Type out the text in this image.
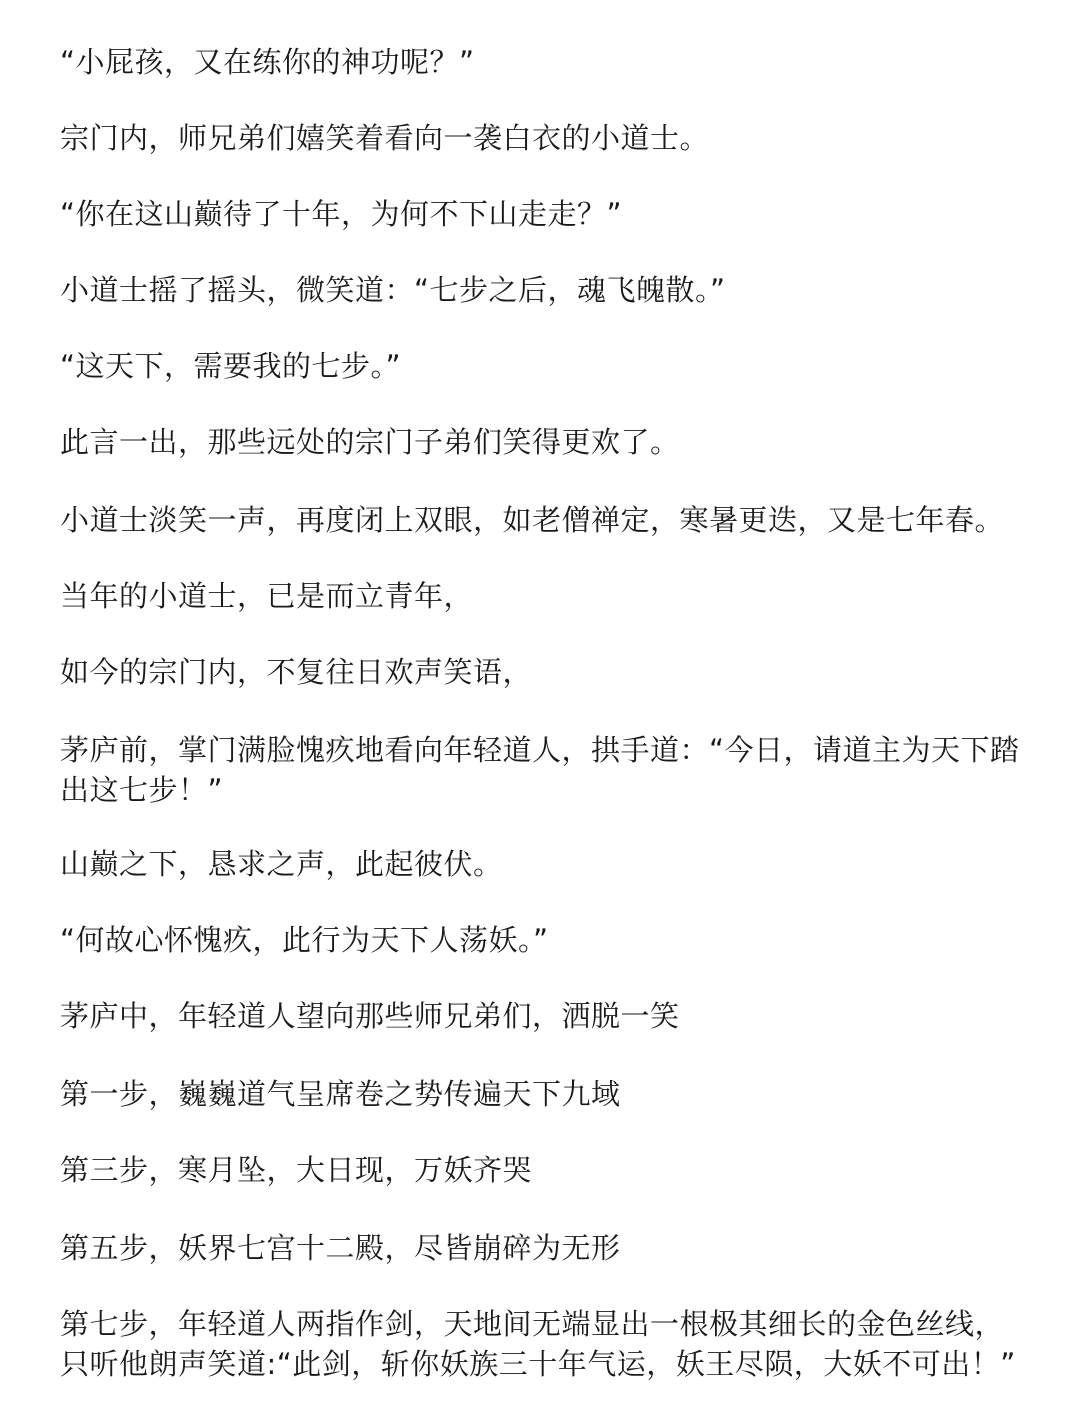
“小屁孩，又在练你的神功呢？”

宗门内，师兄弟们嬉笑着看向一袭白衣的小道士。

“你在这山巅待了十年，为何不下山走走？”

小道士摇了摇头，微笑道：“七步之后，魂飞魄散。”

“这天下，需要我的七步。”

此言一出，那些远处的宗门子弟们笑得更欢了。

小道士淡笑一声，再度闭上双眼，如老僧禅定，寒暑更迭，又是七年春。

当年的小道士，已是而立青年，

如今的宗门内，不复往日欢声笑语，

茅庐前，掌门满脸愧疚地看向年轻道人，拱手道：“今日，请道主为天下踏出这七步！”

山巅之下，恳求之声，此起彼伏。

“何故心怀愧疚，此行为天下人荡妖。”

茅庐中，年轻道人望向那些师兄弟们，洒脱一笑

第一步，巍巍道气呈席卷之势传遍天下九域

第三步，寒月坠，大日现，万妖齐哭

第五步，妖界七宫十二殿，尽皆崩碎为无形

第七步，年轻道人两指作剑，天地间无端显出一根极其细长的金色丝线，只听他朗声笑道:“此剑，斩你妖族三十年气运，妖王尽陨，大妖不可出！”
